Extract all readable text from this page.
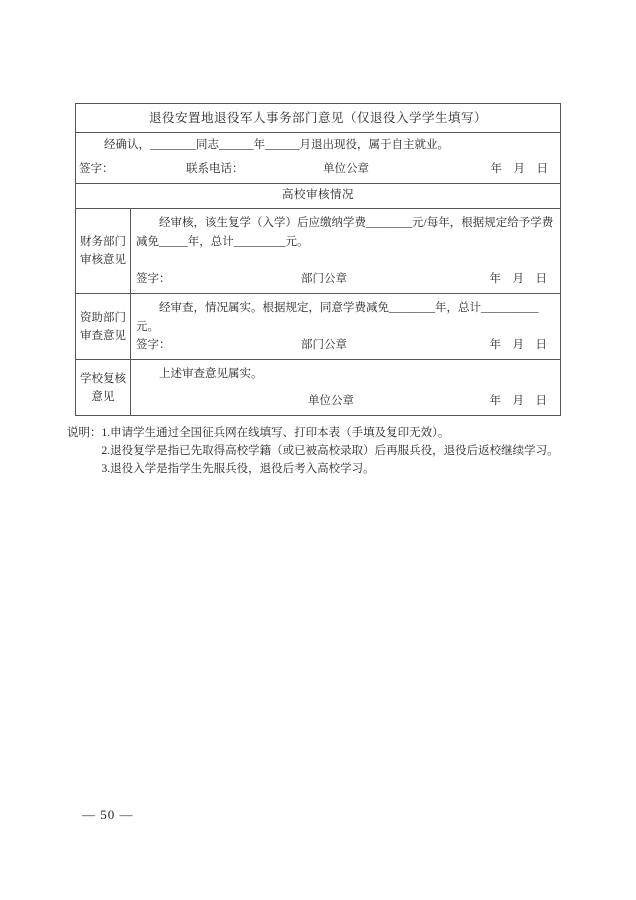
退役安置地退役军人事务部门意见（仅退役入学学生填写）

经确认，________同志______年______月退出现役，属于自主就业。

签字：	联系电话：	单位公章	年　月　日
高校审核情况
财务部门审核意见

经审核，该生复学（入学）后应缴纳学费________元/每年，根据规定给予学费减免_____年，总计_________元。

签字：	部门公章	年　月　日
资助部门审查意见

经审查，情况属实。根据规定，同意学费减免________年，总计__________元。

签字：	部门公章	年　月　日
学校复核意见

上述审查意见属实。

单位公章	年　月　日
说明： 1.申请学生通过全国征兵网在线填写、打印本表（手填及复印无效）。
2.退役复学是指已先取得高校学籍（或已被高校录取）后再服兵役，退役后返校继续学习。
3.退役入学是指学生先服兵役，退役后考入高校学习。
— 50 —
